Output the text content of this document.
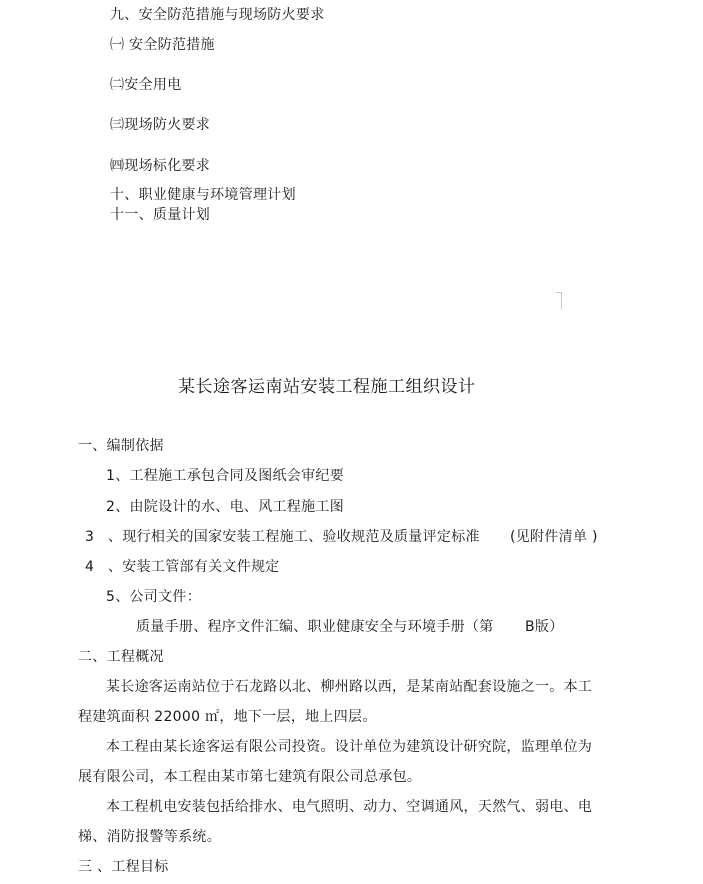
九、安全防范措施与现场防火要求
㈠ 安全防范措施
㈡安全用电
㈢现场防火要求
㈣现场标化要求
十、职业健康与环境管理计划
十一、质量计划
某长途客运南站安装工程施工组织设计
一、编制依据
1、工程施工承包合同及图纸会审纪要
2、由院设计的水、电、风工程施工图
3 、现行相关的国家安装工程施工、验收规范及质量评定标准 (见附件清单 )
4 、安装工管部有关文件规定
5、公司文件：
质量手册、程序文件汇编、职业健康安全与环境手册（第 B版）
二、工程概况
某长途客运南站位于石龙路以北、柳州路以西，是某南站配套设施之一。本工
程建筑面积 22000 ㎡，地下一层，地上四层。
本工程由某长途客运有限公司投资。设计单位为建筑设计研究院，监理单位为
展有限公司，本工程由某市第七建筑有限公司总承包。
本工程机电安装包括给排水、电气照明、动力、空调通风，天然气、弱电、电
梯、消防报警等系统。
三 、工程目标
